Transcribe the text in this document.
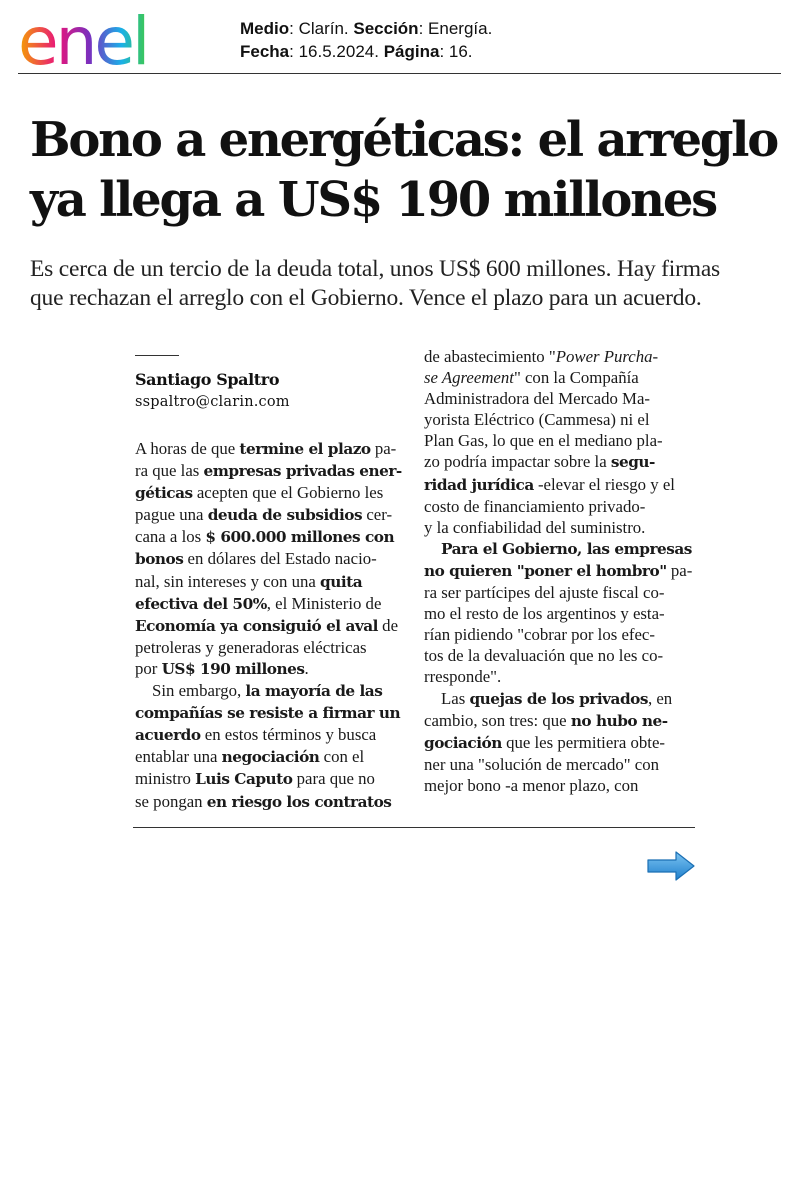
enel	Medio: Clarín. Sección: Energía.
Fecha: 16.5.2024. Página: 16.
Bono a energéticas: el arreglo
ya llega a US$ 190 millones

Es cerca de un tercio de la deuda total, unos US$ 600 millones. Hay firmas
que rechazan el arreglo con el Gobierno. Vence el plazo para un acuerdo.

Santiago Spaltro
sspaltro@clarin.com
A horas de que termine el plazo pa-
ra que las empresas privadas ener-
géticas acepten que el Gobierno les
pague una deuda de subsidios cer-
cana a los $ 600.000 millones con
bonos en dólares del Estado nacio-
nal, sin intereses y con una quita
efectiva del 50%, el Ministerio de
Economía ya consiguió el aval de
petroleras y generadoras eléctricas
por US$ 190 millones.
Sin embargo, la mayoría de las
compañías se resiste a firmar un
acuerdo en estos términos y busca
entablar una negociación con el
ministro Luis Caputo para que no
se pongan en riesgo los contratos
de abastecimiento "Power Purcha-
se Agreement" con la Compañía
Administradora del Mercado Ma-
yorista Eléctrico (Cammesa) ni el
Plan Gas, lo que en el mediano pla-
zo podría impactar sobre la segu-
ridad jurídica -elevar el riesgo y el
costo de financiamiento privado-
y la confiabilidad del suministro.
Para el Gobierno, las empresas
no quieren "poner el hombro" pa-
ra ser partícipes del ajuste fiscal co-
mo el resto de los argentinos y esta-
rían pidiendo "cobrar por los efec-
tos de la devaluación que no les co-
rresponde".
Las quejas de los privados, en
cambio, son tres: que no hubo ne-
gociación que les permitiera obte-
ner una "solución de mercado" con
mejor bono -a menor plazo, con
